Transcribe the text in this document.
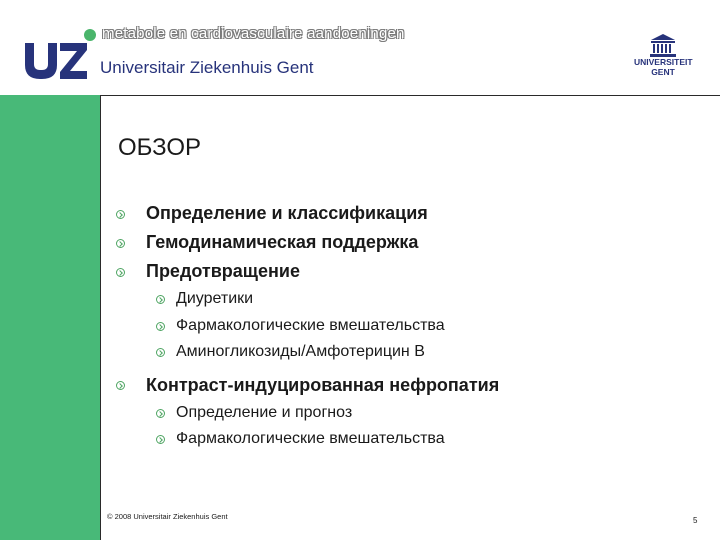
metabole en cardiovasculaire aandoeningen
Universitair Ziekenhuis Gent	UNIVERSITEIT
GENT
ОБЗОР
Определение и классификация
Гемодинамическая поддержка
Предотвращение
Диуретики
Фармакологические вмешательства
Аминогликозиды/Амфотерицин B
Контраст-индуцированная нефропатия
Определение и прогноз
Фармакологические вмешательства
© 2008 Universitair Ziekenhuis Gent	5
